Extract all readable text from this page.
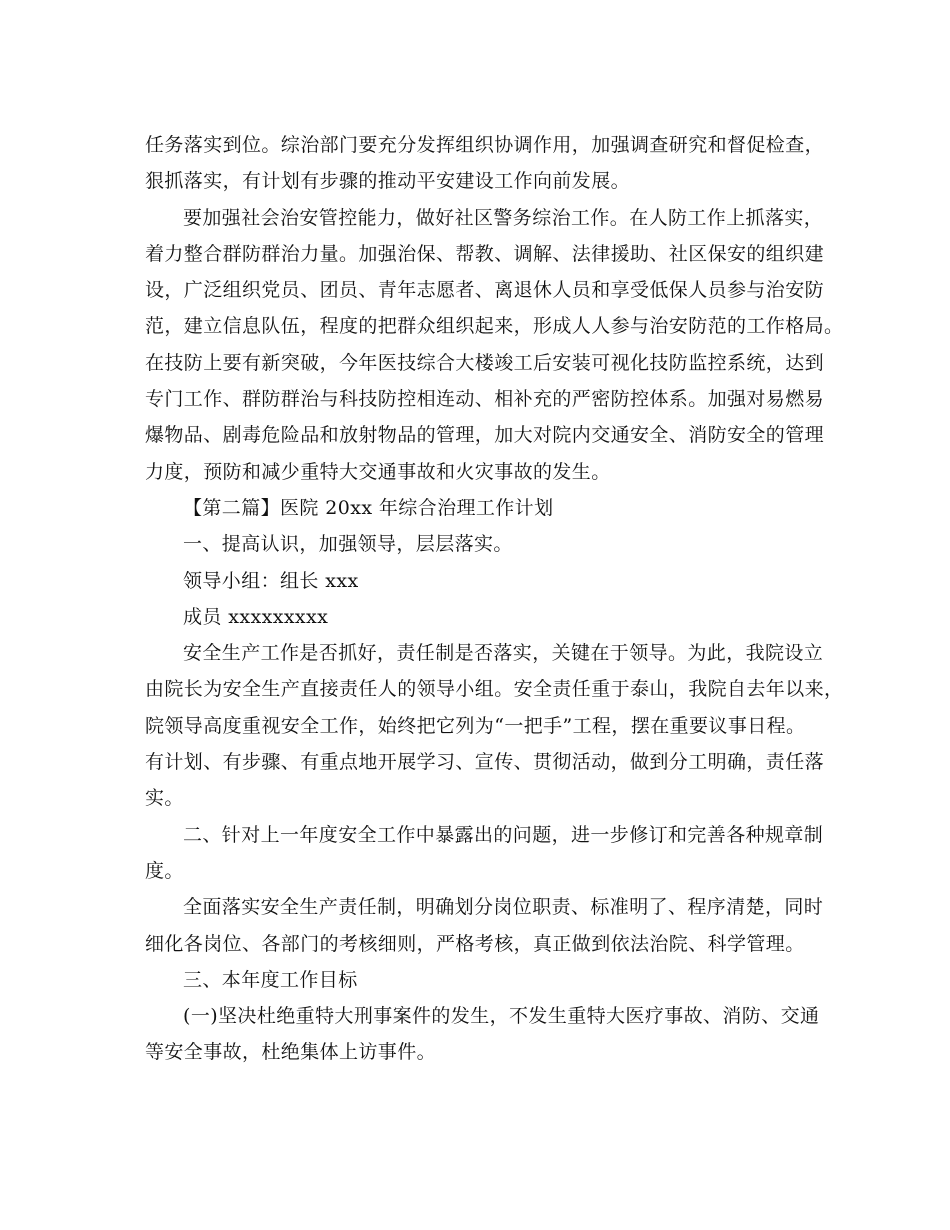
任务落实到位。综治部门要充分发挥组织协调作用，加强调查研究和督促检查，
狠抓落实，有计划有步骤的推动平安建设工作向前发展。
要加强社会治安管控能力，做好社区警务综治工作。在人防工作上抓落实，
着力整合群防群治力量。加强治保、帮教、调解、法律援助、社区保安的组织建
设，广泛组织党员、团员、青年志愿者、离退休人员和享受低保人员参与治安防
范，建立信息队伍，程度的把群众组织起来，形成人人参与治安防范的工作格局。
在技防上要有新突破，今年医技综合大楼竣工后安装可视化技防监控系统，达到
专门工作、群防群治与科技防控相连动、相补充的严密防控体系。加强对易燃易
爆物品、剧毒危险品和放射物品的管理，加大对院内交通安全、消防安全的管理
力度，预防和减少重特大交通事故和火灾事故的发生。
【第二篇】医院 20xx 年综合治理工作计划
一、提高认识，加强领导，层层落实。
领导小组：组长 xxx
成员 xxxxxxxxx
安全生产工作是否抓好，责任制是否落实，关键在于领导。为此，我院设立
由院长为安全生产直接责任人的领导小组。安全责任重于泰山，我院自去年以来，
院领导高度重视安全工作，始终把它列为“一把手”工程，摆在重要议事日程。
有计划、有步骤、有重点地开展学习、宣传、贯彻活动，做到分工明确，责任落
实。
二、针对上一年度安全工作中暴露出的问题，进一步修订和完善各种规章制
度。
全面落实安全生产责任制，明确划分岗位职责、标准明了、程序清楚，同时
细化各岗位、各部门的考核细则，严格考核，真正做到依法治院、科学管理。
三、本年度工作目标
(一)坚决杜绝重特大刑事案件的发生，不发生重特大医疗事故、消防、交通
等安全事故，杜绝集体上访事件。
